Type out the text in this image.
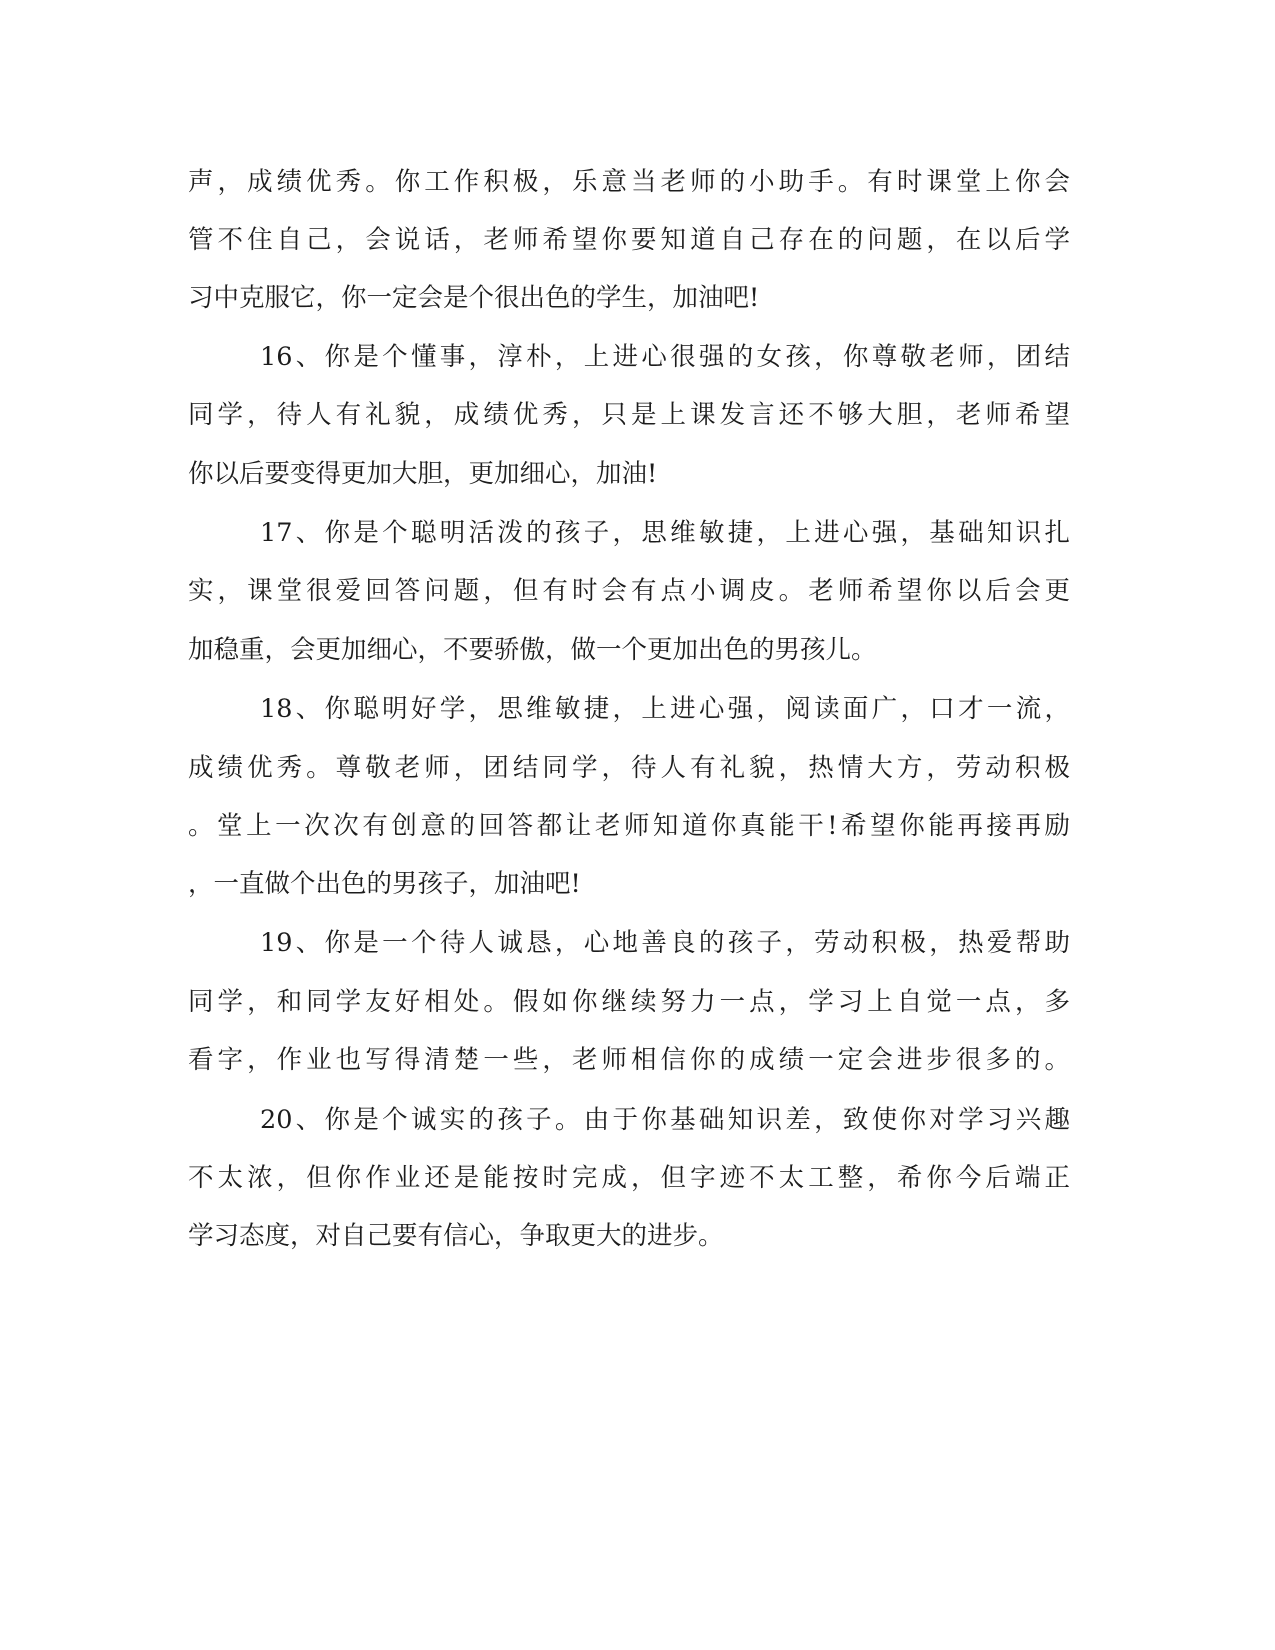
声，成绩优秀。你工作积极，乐意当老师的小助手。有时课堂上你会
管不住自己，会说话，老师希望你要知道自己存在的问题，在以后学
习中克服它，你一定会是个很出色的学生，加油吧!
16、你是个懂事，淳朴，上进心很强的女孩，你尊敬老师，团结
同学，待人有礼貌，成绩优秀，只是上课发言还不够大胆，老师希望
你以后要变得更加大胆，更加细心，加油!
17、你是个聪明活泼的孩子，思维敏捷，上进心强，基础知识扎
实，课堂很爱回答问题，但有时会有点小调皮。老师希望你以后会更
加稳重，会更加细心，不要骄傲，做一个更加出色的男孩儿。
18、你聪明好学，思维敏捷，上进心强，阅读面广，口才一流，
成绩优秀。尊敬老师，团结同学，待人有礼貌，热情大方，劳动积极
。堂上一次次有创意的回答都让老师知道你真能干!希望你能再接再励
，一直做个出色的男孩子，加油吧!
19、你是一个待人诚恳，心地善良的孩子，劳动积极，热爱帮助
同学，和同学友好相处。假如你继续努力一点，学习上自觉一点，多
看字，作业也写得清楚一些，老师相信你的成绩一定会进步很多的。
20、你是个诚实的孩子。由于你基础知识差，致使你对学习兴趣
不太浓，但你作业还是能按时完成，但字迹不太工整，希你今后端正
学习态度，对自己要有信心，争取更大的进步。
